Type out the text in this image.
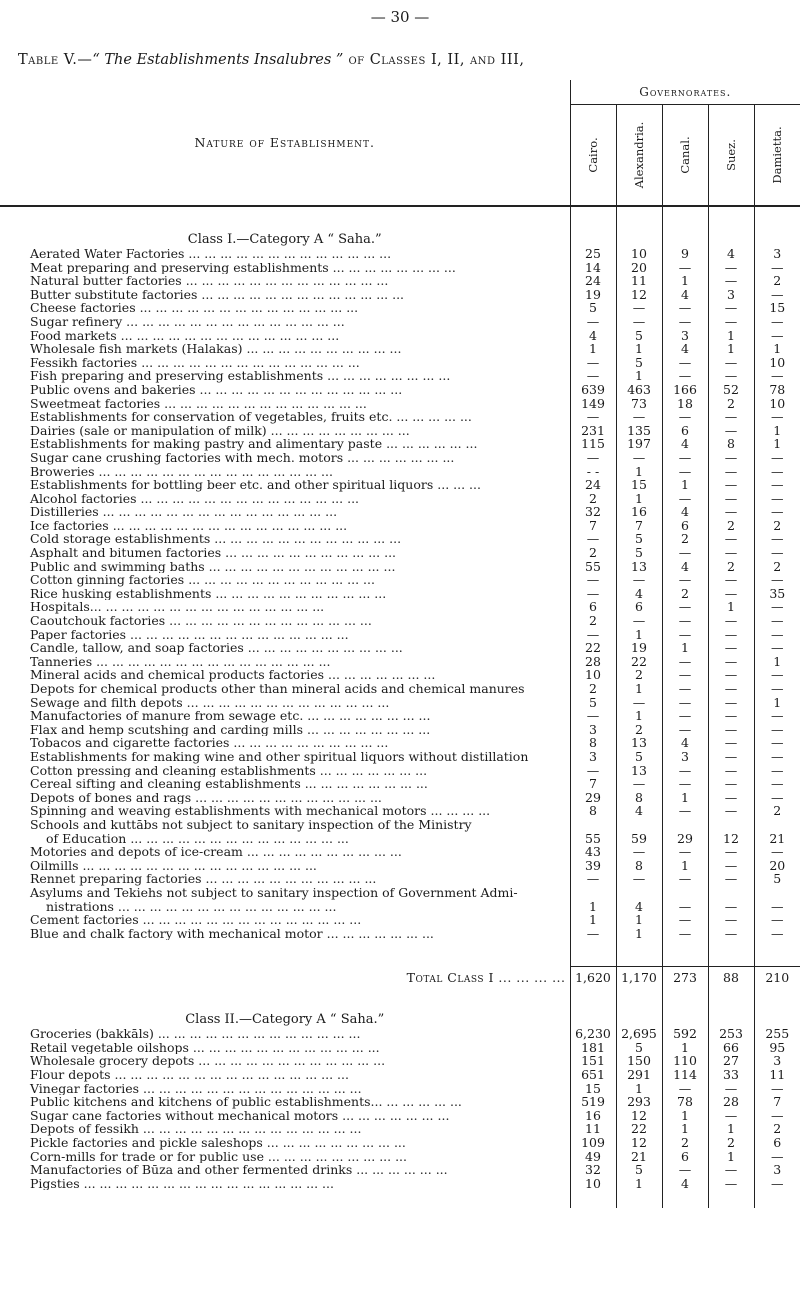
— 30 —
Table V.—“ The Establishments Insalubres ” of Classes I, II, and III,
Nature of Establishment.	Governorates.				

	Cairo.	Alexandria.	Canal.	Suez.	Damietta.

Class I.—Category A “ Saha.”					
Aerated Water Factories ... ... ... ... ... ... ... ... ... ... ... ... ...	25	10	9	4	3
Meat preparing and preserving establishments ... ... ... ... ... ... ... ...	14	20	—	—	—
Natural butter factories ... ... ... ... ... ... ... ... ... ... ... ... ...	24	11	1	—	2
Butter substitute factories ... ... ... ... ... ... ... ... ... ... ... ... ...	19	12	4	3	—
Cheese factories ... ... ... ... ... ... ... ... ... ... ... ... ... ...	5	—	—	—	15
Sugar refinery ... ... ... ... ... ... ... ... ... ... ... ... ... ...	—	—	—	—	—
Food markets ... ... ... ... ... ... ... ... ... ... ... ... ... ...	4	5	3	1	—
Wholesale fish markets (Halakas) ... ... ... ... ... ... ... ... ... ...	1	1	4	1	1
Fessikh factories ... ... ... ... ... ... ... ... ... ... ... ... ... ...	—	5	—	—	10
Fish preparing and preserving establishments ... ... ... ... ... ... ... ...	—	1	—	—	—
Public ovens and bakeries ... ... ... ... ... ... ... ... ... ... ... ... ...	639	463	166	52	78
Sweetmeat factories ... ... ... ... ... ... ... ... ... ... ... ... ...	149	73	18	2	10
Establishments for conservation of vegetables, fruits etc. ... ... ... ... ...	—	—	—	—	—
Dairies (sale or manipulation of milk) ... ... ... ... ... ... ... ... ...	231	135	6	—	1
Establishments for making pastry and alimentary paste ... ... ... ... ... ...	115	197	4	8	1
Sugar cane crushing factories with mech. motors ... ... ... ... ... ... ...	—	—	—	—	—
Broweries ... ... ... ... ... ... ... ... ... ... ... ... ... ... ...	- -	1	—	—	—
Establishments for bottling beer etc. and other spiritual liquors ... ... ...	24	15	1	—	—
Alcohol factories ... ... ... ... ... ... ... ... ... ... ... ... ... ...	2	1	—	—	—
Distilleries ... ... ... ... ... ... ... ... ... ... ... ... ... ... ...	32	16	4	—	—
Ice factories ... ... ... ... ... ... ... ... ... ... ... ... ... ... ...	7	7	6	2	2
Cold storage establishments ... ... ... ... ... ... ... ... ... ... ... ...	—	5	2	—	—
Asphalt and bitumen factories ... ... ... ... ... ... ... ... ... ... ...	2	5	—	—	—
Public and swimming baths ... ... ... ... ... ... ... ... ... ... ... ...	55	13	4	2	2
Cotton ginning factories ... ... ... ... ... ... ... ... ... ... ... ...	—	—	—	—	—
Rice husking establishments ... ... ... ... ... ... ... ... ... ... ...	—	4	2	—	35
Hospitals... ... ... ... ... ... ... ... ... ... ... ... ... ... ...	6	6	—	1	—
Caoutchouk factories ... ... ... ... ... ... ... ... ... ... ... ... ...	2	—	—	—	—
Paper factories ... ... ... ... ... ... ... ... ... ... ... ... ... ...	—	1	—	—	—
Candle, tallow, and soap factories ... ... ... ... ... ... ... ... ... ...	22	19	1	—	—
Tanneries ... ... ... ... ... ... ... ... ... ... ... ... ... ... ...	28	22	—	—	1
Mineral acids and chemical products factories ... ... ... ... ... ... ...	10	2	—	—	—
Depots for chemical products other than mineral acids and chemical manures	2	1	—	—	—
Sewage and filth depots ... ... ... ... ... ... ... ... ... ... ... ... ...	5	—	—	—	1
Manufactories of manure from sewage etc. ... ... ... ... ... ... ... ...	—	1	—	—	—
Flax and hemp scutshing and carding mills ... ... ... ... ... ... ... ...	3	2	—	—	—
Tobacos and cigarette factories ... ... ... ... ... ... ... ... ... ...	8	13	4	—	—
Establishments for making wine and other spiritual liquors without distillation	3	5	3	—	—
Cotton pressing and cleaning establishments ... ... ... ... ... ... ...	—	13	—	—	—
Cereal sifting and cleaning establishments ... ... ... ... ... ... ... ...	7	—	—	—	—
Depots of bones and rags ... ... ... ... ... ... ... ... ... ... ... ...	29	8	1	—	—
Spinning and weaving establishments with mechanical motors ... ... ... ...	8	4	—	—	2
Schools and kuttābs not subject to sanitary inspection of the Ministry					
of Education ... ... ... ... ... ... ... ... ... ... ... ... ... ...	55	59	29	12	21
Motories and depots of ice-cream ... ... ... ... ... ... ... ... ... ...	43	—	—	—	—
Oilmills ... ... ... ... ... ... ... ... ... ... ... ... ... ... ...	39	8	1	—	20
Rennet preparing factories ... ... ... ... ... ... ... ... ... ... ...	—	—	—	—	5
Asylums and Tekiehs not subject to sanitary inspection of Government Admi-					
nistrations ... ... ... ... ... ... ... ... ... ... ... ... ... ...	1	4	—	—	—
Cement factories ... ... ... ... ... ... ... ... ... ... ... ... ... ...	1	1	—	—	—
Blue and chalk factory with mechanical motor ... ... ... ... ... ... ...	—	1	—	—	—

Total Class I ... ... ... ...	1,620	1,170	273	88	210
Class II.—Category A “ Saha.”					
Groceries (bakkāls) ... ... ... ... ... ... ... ... ... ... ... ... ...	6,230	2,695	592	253	255
Retail vegetable oilshops ... ... ... ... ... ... ... ... ... ... ... ...	181	5	1	66	95
Wholesale grocery depots ... ... ... ... ... ... ... ... ... ... ... ...	151	150	110	27	3
Flour depots ... ... ... ... ... ... ... ... ... ... ... ... ... ... ...	651	291	114	33	11
Vinegar factories ... ... ... ... ... ... ... ... ... ... ... ... ... ...	15	1	—	—	—
Public kitchens and kitchens of public establishments... ... ... ... ... ...	519	293	78	28	7
Sugar cane factories without mechanical motors ... ... ... ... ... ... ...	16	12	1	—	—
Depots of fessikh ... ... ... ... ... ... ... ... ... ... ... ... ... ...	11	22	1	1	2
Pickle factories and pickle saleshops ... ... ... ... ... ... ... ... ...	109	12	2	2	6
Corn-mills for trade or for public use ... ... ... ... ... ... ... ... ...	49	21	6	1	—
Manufactories of Būza and other fermented drinks ... ... ... ... ... ...	32	5	—	—	3
Pigsties ... ... ... ... ... ... ... ... ... ... ... ... ... ... ... ...	10	1	4	—	—
